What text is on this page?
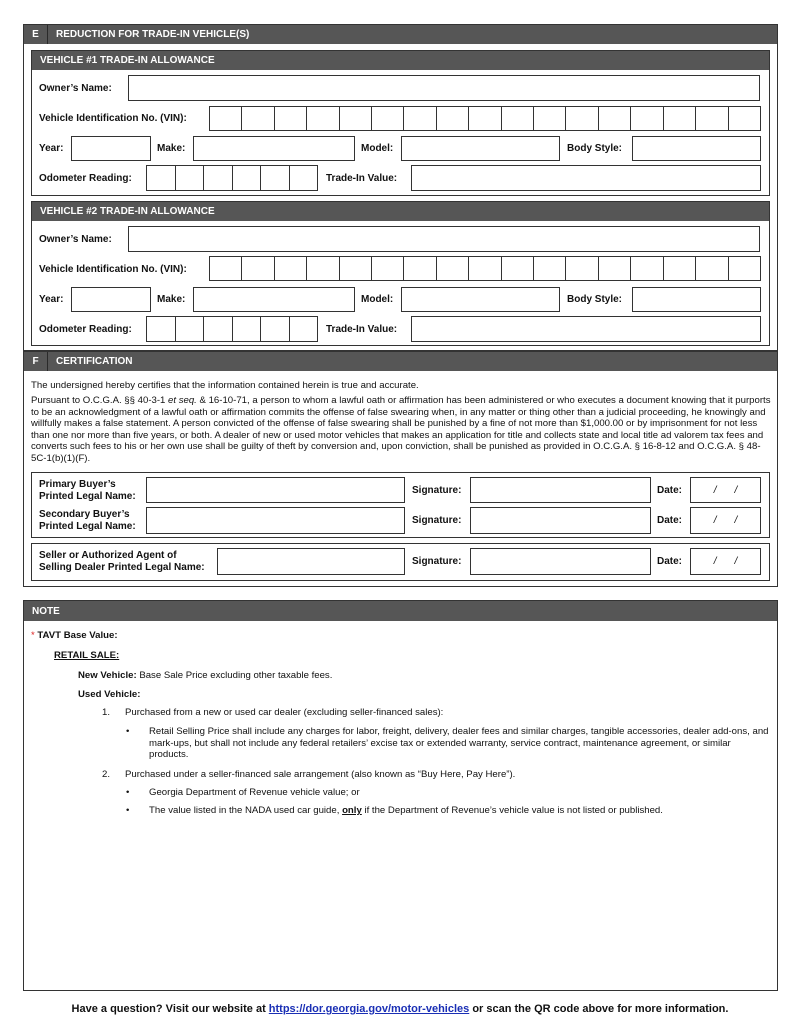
E	REDUCTION FOR TRADE-IN VEHICLE(S)
VEHICLE #1 TRADE-IN ALLOWANCE
Owner’s Name:
Vehicle Identification No. (VIN):
Year:	Make:	Model:	Body Style:
Odometer Reading:	Trade-In Value:
VEHICLE #2 TRADE-IN ALLOWANCE
Owner’s Name:
Vehicle Identification No. (VIN):
Year:	Make:	Model:	Body Style:
Odometer Reading:	Trade-In Value:
F	CERTIFICATION
The undersigned hereby certifies that the information contained herein is true and accurate.
Pursuant to O.C.G.A. §§ 40-3-1 et seq. & 16-10-71, a person to whom a lawful oath or affirmation has been administered or who executes a document knowing that it purports to be an acknowledgment of a lawful oath or affirmation commits the offense of false swearing when, in any matter or thing other than a judicial proceeding, he knowingly and willfully makes a false statement. A person convicted of the offense of false swearing shall be punished by a fine of not more than $1,000.00 or by imprisonment for not less than one nor more than five years, or both. A dealer of new or used motor vehicles that makes an application for title and collects state and local title ad valorem tax fees and converts such fees to his or her own use shall be guilty of theft by conversion and, upon conviction, shall be punished as provided in O.C.G.A. § 16-8-12 and O.C.G.A. § 48-5C-1(b)(1)(F).
Primary Buyer’s
Printed Legal Name:
Signature:	Date:	/ /
Secondary Buyer’s
Printed Legal Name:
Signature:	Date:	/ /
Seller or Authorized Agent of
Selling Dealer Printed Legal Name:
Signature:	Date:	/ /
NOTE
* TAVT Base Value:
RETAIL SALE:
New Vehicle: Base Sale Price excluding other taxable fees.
Used Vehicle:
1. Purchased from a new or used car dealer (excluding seller-financed sales):
• Retail Selling Price shall include any charges for labor, freight, delivery, dealer fees and similar charges, tangible accessories, dealer add-ons, and mark-ups, but shall not include any federal retailers’ excise tax or extended warranty, service contract, maintenance agreement, or similar products.
2. Purchased under a seller-financed sale arrangement (also known as “Buy Here, Pay Here”).
• Georgia Department of Revenue vehicle value; or
• The value listed in the NADA used car guide, only if the Department of Revenue’s vehicle value is not listed or published.
Have a question? Visit our website at https://dor.georgia.gov/motor-vehicles or scan the QR code above for more information.
